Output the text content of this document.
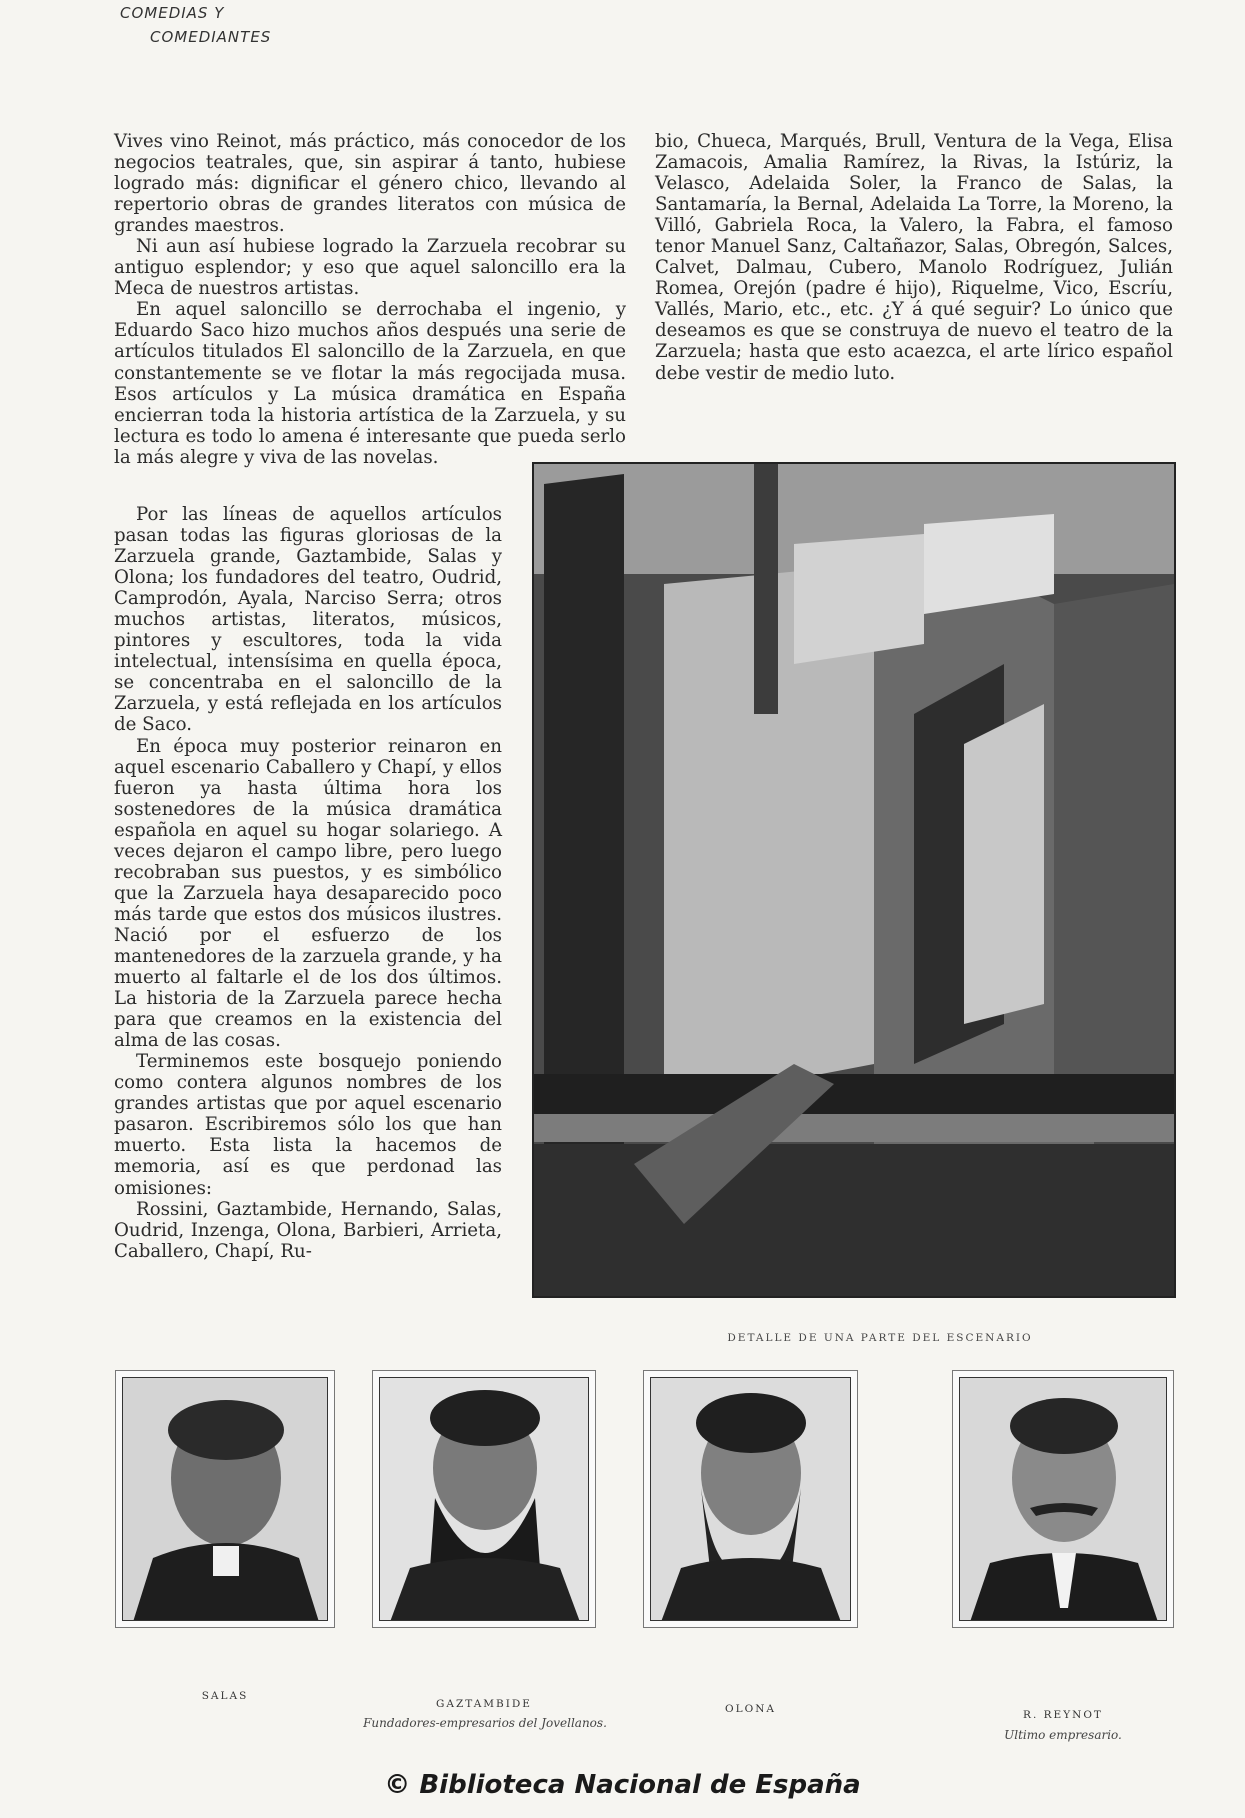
COMEDIAS Y
COMEDIANTES

Vives vino Reinot, más práctico, más conocedor de los negocios teatrales, que, sin aspirar á tanto, hubiese logrado más: dignificar el género chico, llevando al repertorio obras de grandes literatos con música de grandes maestros.

Ni aun así hubiese logrado la Zarzuela recobrar su antiguo esplendor; y eso que aquel saloncillo era la Meca de nuestros artistas.

En aquel saloncillo se derrochaba el ingenio, y Eduardo Saco hizo muchos años después una serie de artículos titulados El saloncillo de la Zarzuela, en que constantemente se ve flotar la más regocijada musa. Esos artículos y La música dramática en España encierran toda la historia artística de la Zarzuela, y su lectura es todo lo amena é interesante que pueda serlo la más alegre y viva de las novelas.

Por las líneas de aquellos artículos pasan todas las figuras gloriosas de la Zarzuela grande, Gaztambide, Salas y Olona; los fundadores del teatro, Oudrid, Camprodón, Ayala, Narciso Serra; otros muchos artistas, literatos, músicos, pintores y escultores, toda la vida intelectual, intensísima en quella época, se concentraba en el saloncillo de la Zarzuela, y está reflejada en los artículos de Saco.

En época muy posterior reinaron en aquel escenario Caballero y Chapí, y ellos fueron ya hasta última hora los sostenedores de la música dramática española en aquel su hogar solariego. A veces dejaron el campo libre, pero luego recobraban sus puestos, y es simbólico que la Zarzuela haya desaparecido poco más tarde que estos dos músicos ilustres. Nació por el esfuerzo de los mantenedores de la zarzuela grande, y ha muerto al faltarle el de los dos últimos. La historia de la Zarzuela parece hecha para que creamos en la existencia del alma de las cosas.

Terminemos este bosquejo poniendo como contera algunos nombres de los grandes artistas que por aquel escenario pasaron. Escribiremos sólo los que han muerto. Esta lista la hacemos de memoria, así es que perdonad las omisiones:

Rossini, Gaztambide, Hernando, Salas, Oudrid, Inzenga, Olona, Barbieri, Arrieta, Caballero, Chapí, Ru-

bio, Chueca, Marqués, Brull, Ventura de la Vega, Elisa Zamacois, Amalia Ramírez, la Rivas, la Istúriz, la Velasco, Adelaida Soler, la Franco de Salas, la Santamaría, la Bernal, Adelaida La Torre, la Moreno, la Villó, Gabriela Roca, la Valero, la Fabra, el famoso tenor Manuel Sanz, Caltañazor, Salas, Obregón, Salces, Calvet, Dalmau, Cubero, Manolo Rodríguez, Julián Romea, Orejón (padre é hijo), Riquelme, Vico, Escríu, Vallés, Mario, etc., etc. ¿Y á qué seguir? Lo único que deseamos es que se construya de nuevo el teatro de la Zarzuela; hasta que esto acaezca, el arte lírico español debe vestir de medio luto.

DETALLE DE UNA PARTE DEL ESCENARIO
SALAS
GAZTAMBIDE
Fundadores-empresarios del Jovellanos.
OLONA	R. REYNOT
Ultimo empresario.
© Biblioteca Nacional de España
